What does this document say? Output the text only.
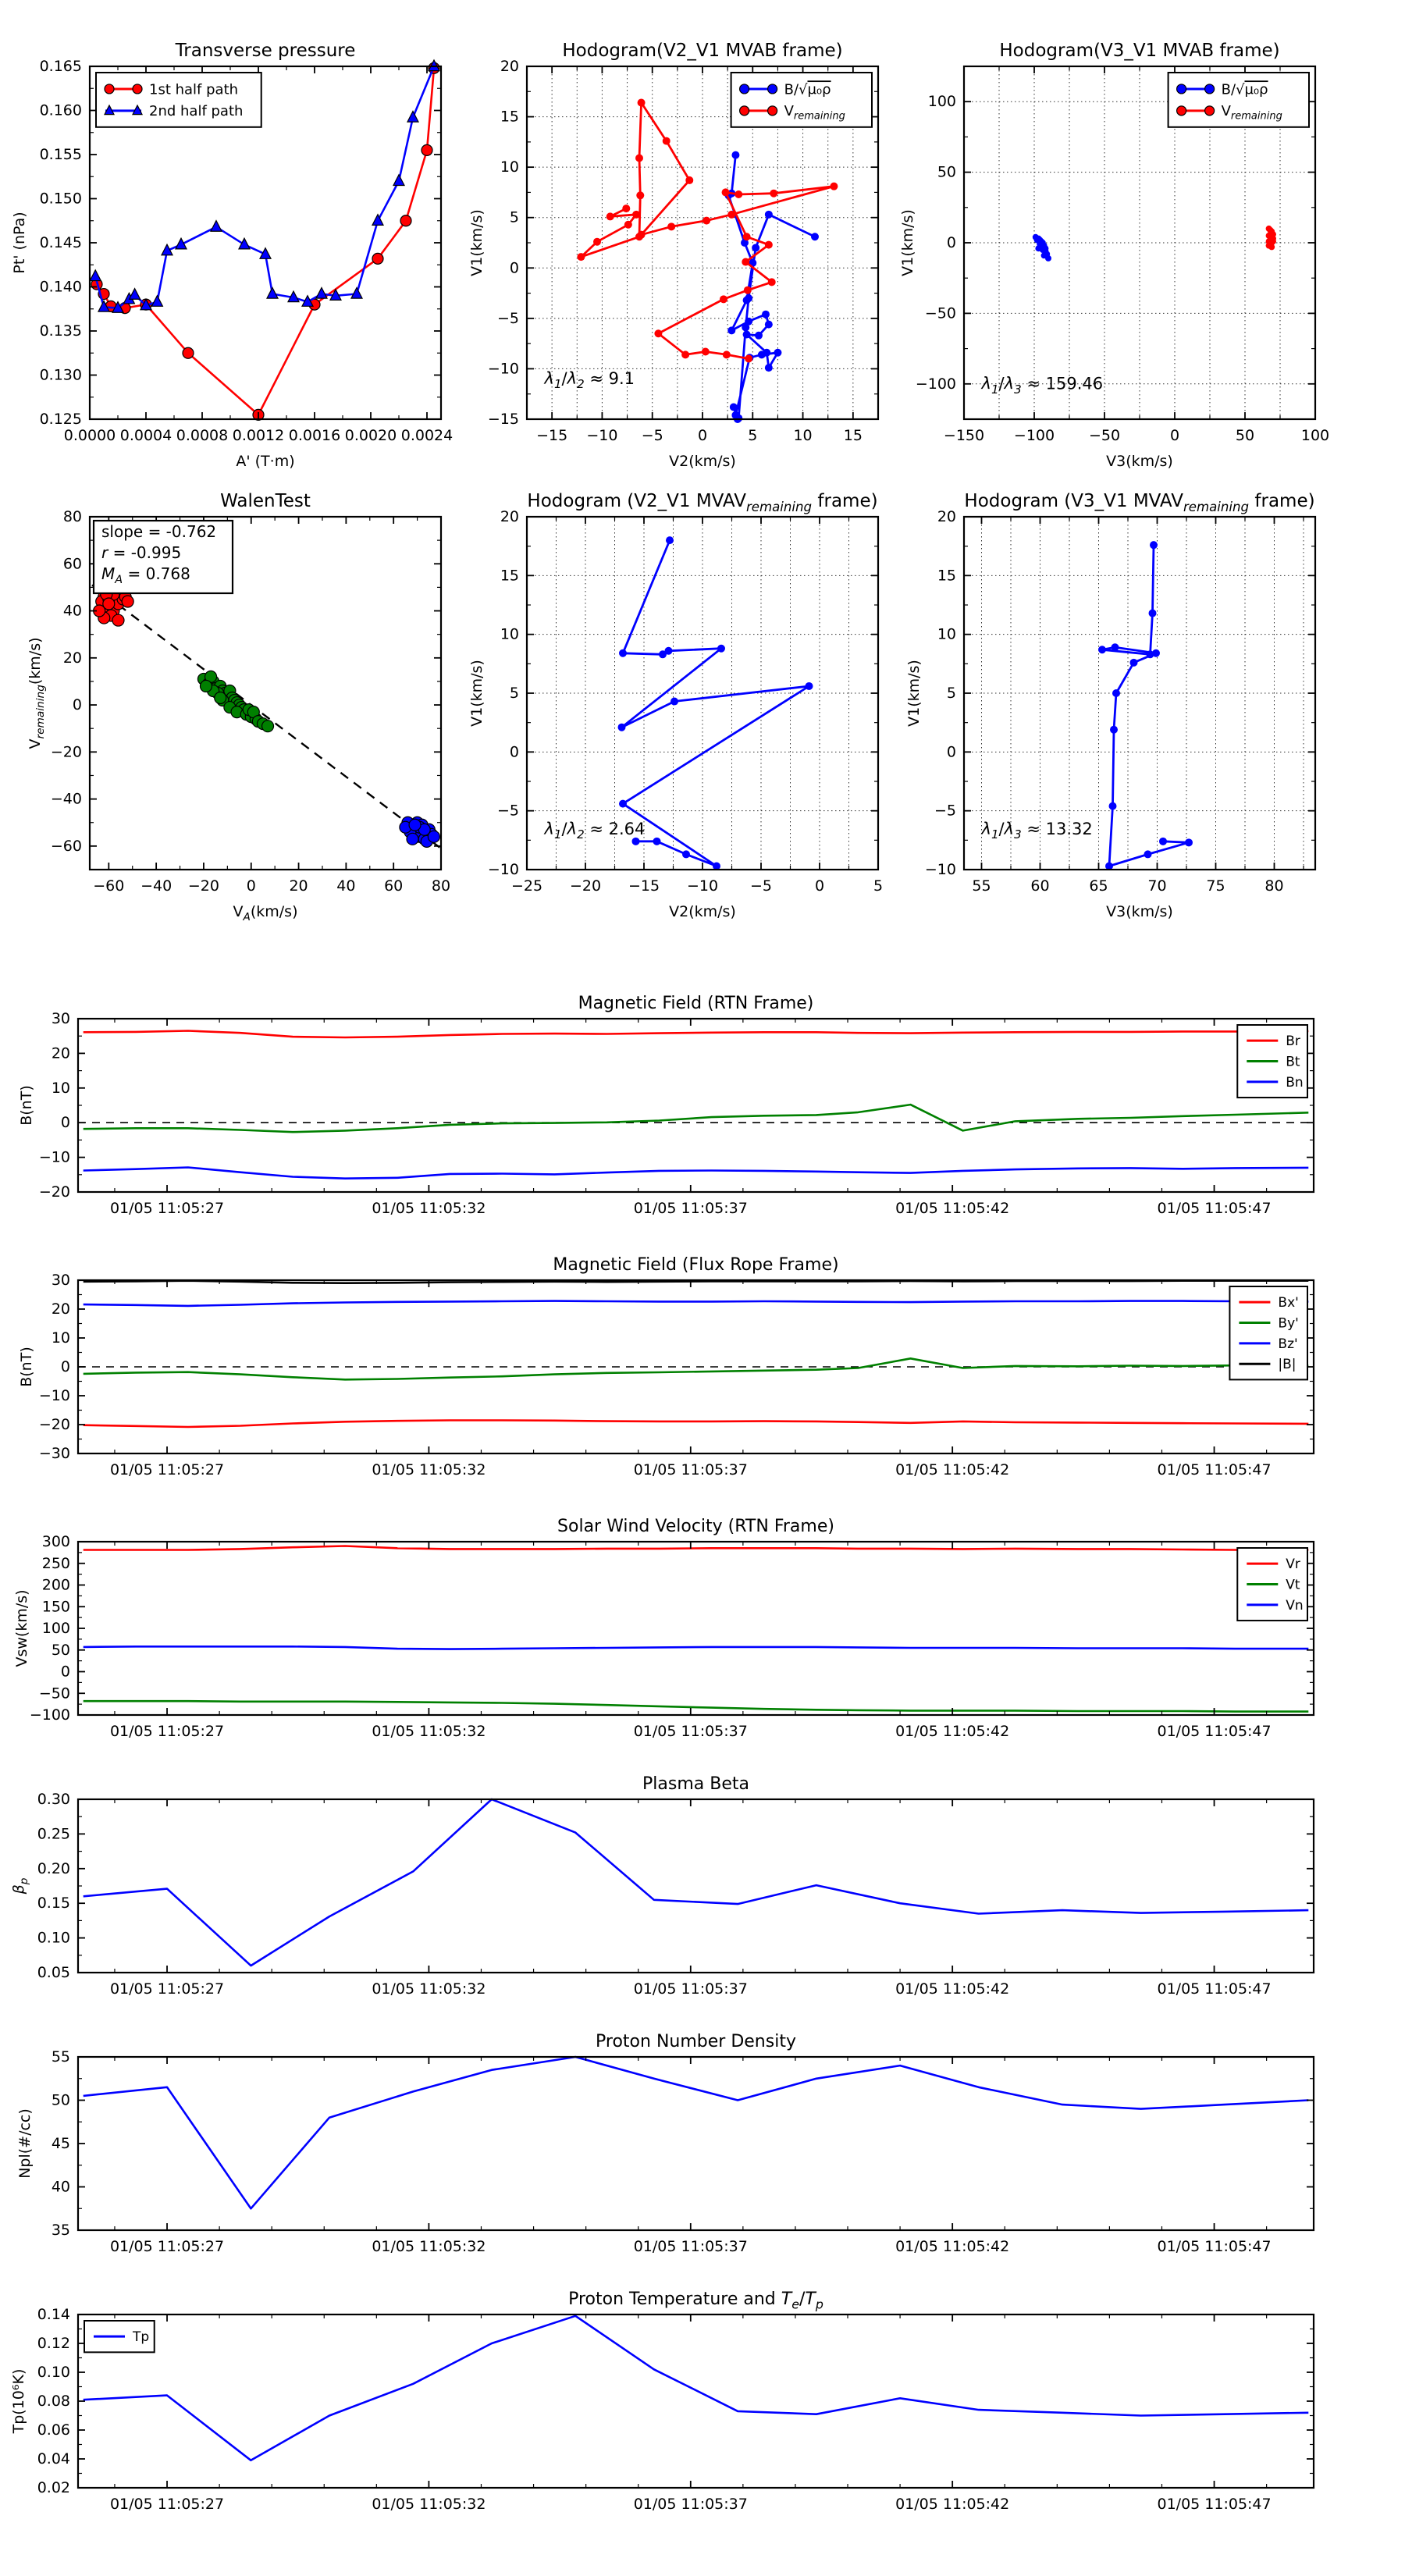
0.0000 0.0004 0.0008 0.0012 0.0016 0.0020 0.0024
0.125
0.130
0.135
0.140
0.145
0.150
0.155
0.160
0.165
Transverse pressure
A' (T·m)
Pt' (nPa)
1st half path
2nd half path
−15 −10 −5 0	5 10 15
−15
−10
−5
0
5
10
15
20
Hodogram(V2_V1 MVAB frame)
V2(km/s)
V1(km/s)
B/√μ₀ρ
$V_{remaining}$
$\lambda_1/\lambda_2 \approx 9.1$
−150 −100 −50	0	50	100
−100
−50
0
50
100
Hodogram(V3_V1 MVAB frame)
V3(km/s)
V1(km/s)
B/√μ₀ρ
$V_{remaining}$
$\lambda_1/\lambda_3 \approx 159.46$
−60 −40 −20 0 20 40 60 80
−60
−40
−20
0
20
40
60
80
WalenTest
$V_A(km/s)$
$V_{remaining}(km/s)$
slope = -0.762
r = -0.995
$M_A = 0.768$
−25 −20 −15 −10 −5	0	5
−10
−5
0
5
10
15
20
Hodogram (V2_V1 $MVAV_{remaining}$ frame)
V2(km/s)
V1(km/s)
$\lambda_1/\lambda_2 \approx 2.64$
55	60	65	70	75	80
−10
−5
0
5
10
15
20
Hodogram (V3_V1 $MVAV_{remaining}$ frame)
V3(km/s)
V1(km/s)
$\lambda_1/\lambda_3 \approx 13.32$
01/05 11:05:27	01/05 11:05:32	01/05 11:05:37	01/05 11:05:42	01/05 11:05:47
−20
−10
0
10
20
30
Magnetic Field (RTN Frame)
B(nT)
Br
Bt
Bn
01/05 11:05:27	01/05 11:05:32	01/05 11:05:37	01/05 11:05:42	01/05 11:05:47
−30
−20
−10
0
10
20
30
Magnetic Field (Flux Rope Frame)
B(nT)
Bx'
By'
Bz'
|B|
01/05 11:05:27	01/05 11:05:32	01/05 11:05:37	01/05 11:05:42	01/05 11:05:47
−100
−50
0
50
100
150
200
250
300
Solar Wind Velocity (RTN Frame)
Vsw(km/s)
Vr
Vt
Vn
01/05 11:05:27	01/05 11:05:32	01/05 11:05:37	01/05 11:05:42	01/05 11:05:47
0.05
0.10
0.15
0.20
0.25
0.30
Plasma Beta
$\beta_p$
01/05 11:05:27	01/05 11:05:32	01/05 11:05:37	01/05 11:05:42	01/05 11:05:47
35
40
45
50
55
Proton Number Density
Npl(#/cc)
01/05 11:05:27	01/05 11:05:32	01/05 11:05:37	01/05 11:05:42	01/05 11:05:47
0.02
0.04
0.06
0.08
0.10
0.12
0.14
Proton Temperature and $T_e/T_p$
Tp(10⁶K)
Tp
